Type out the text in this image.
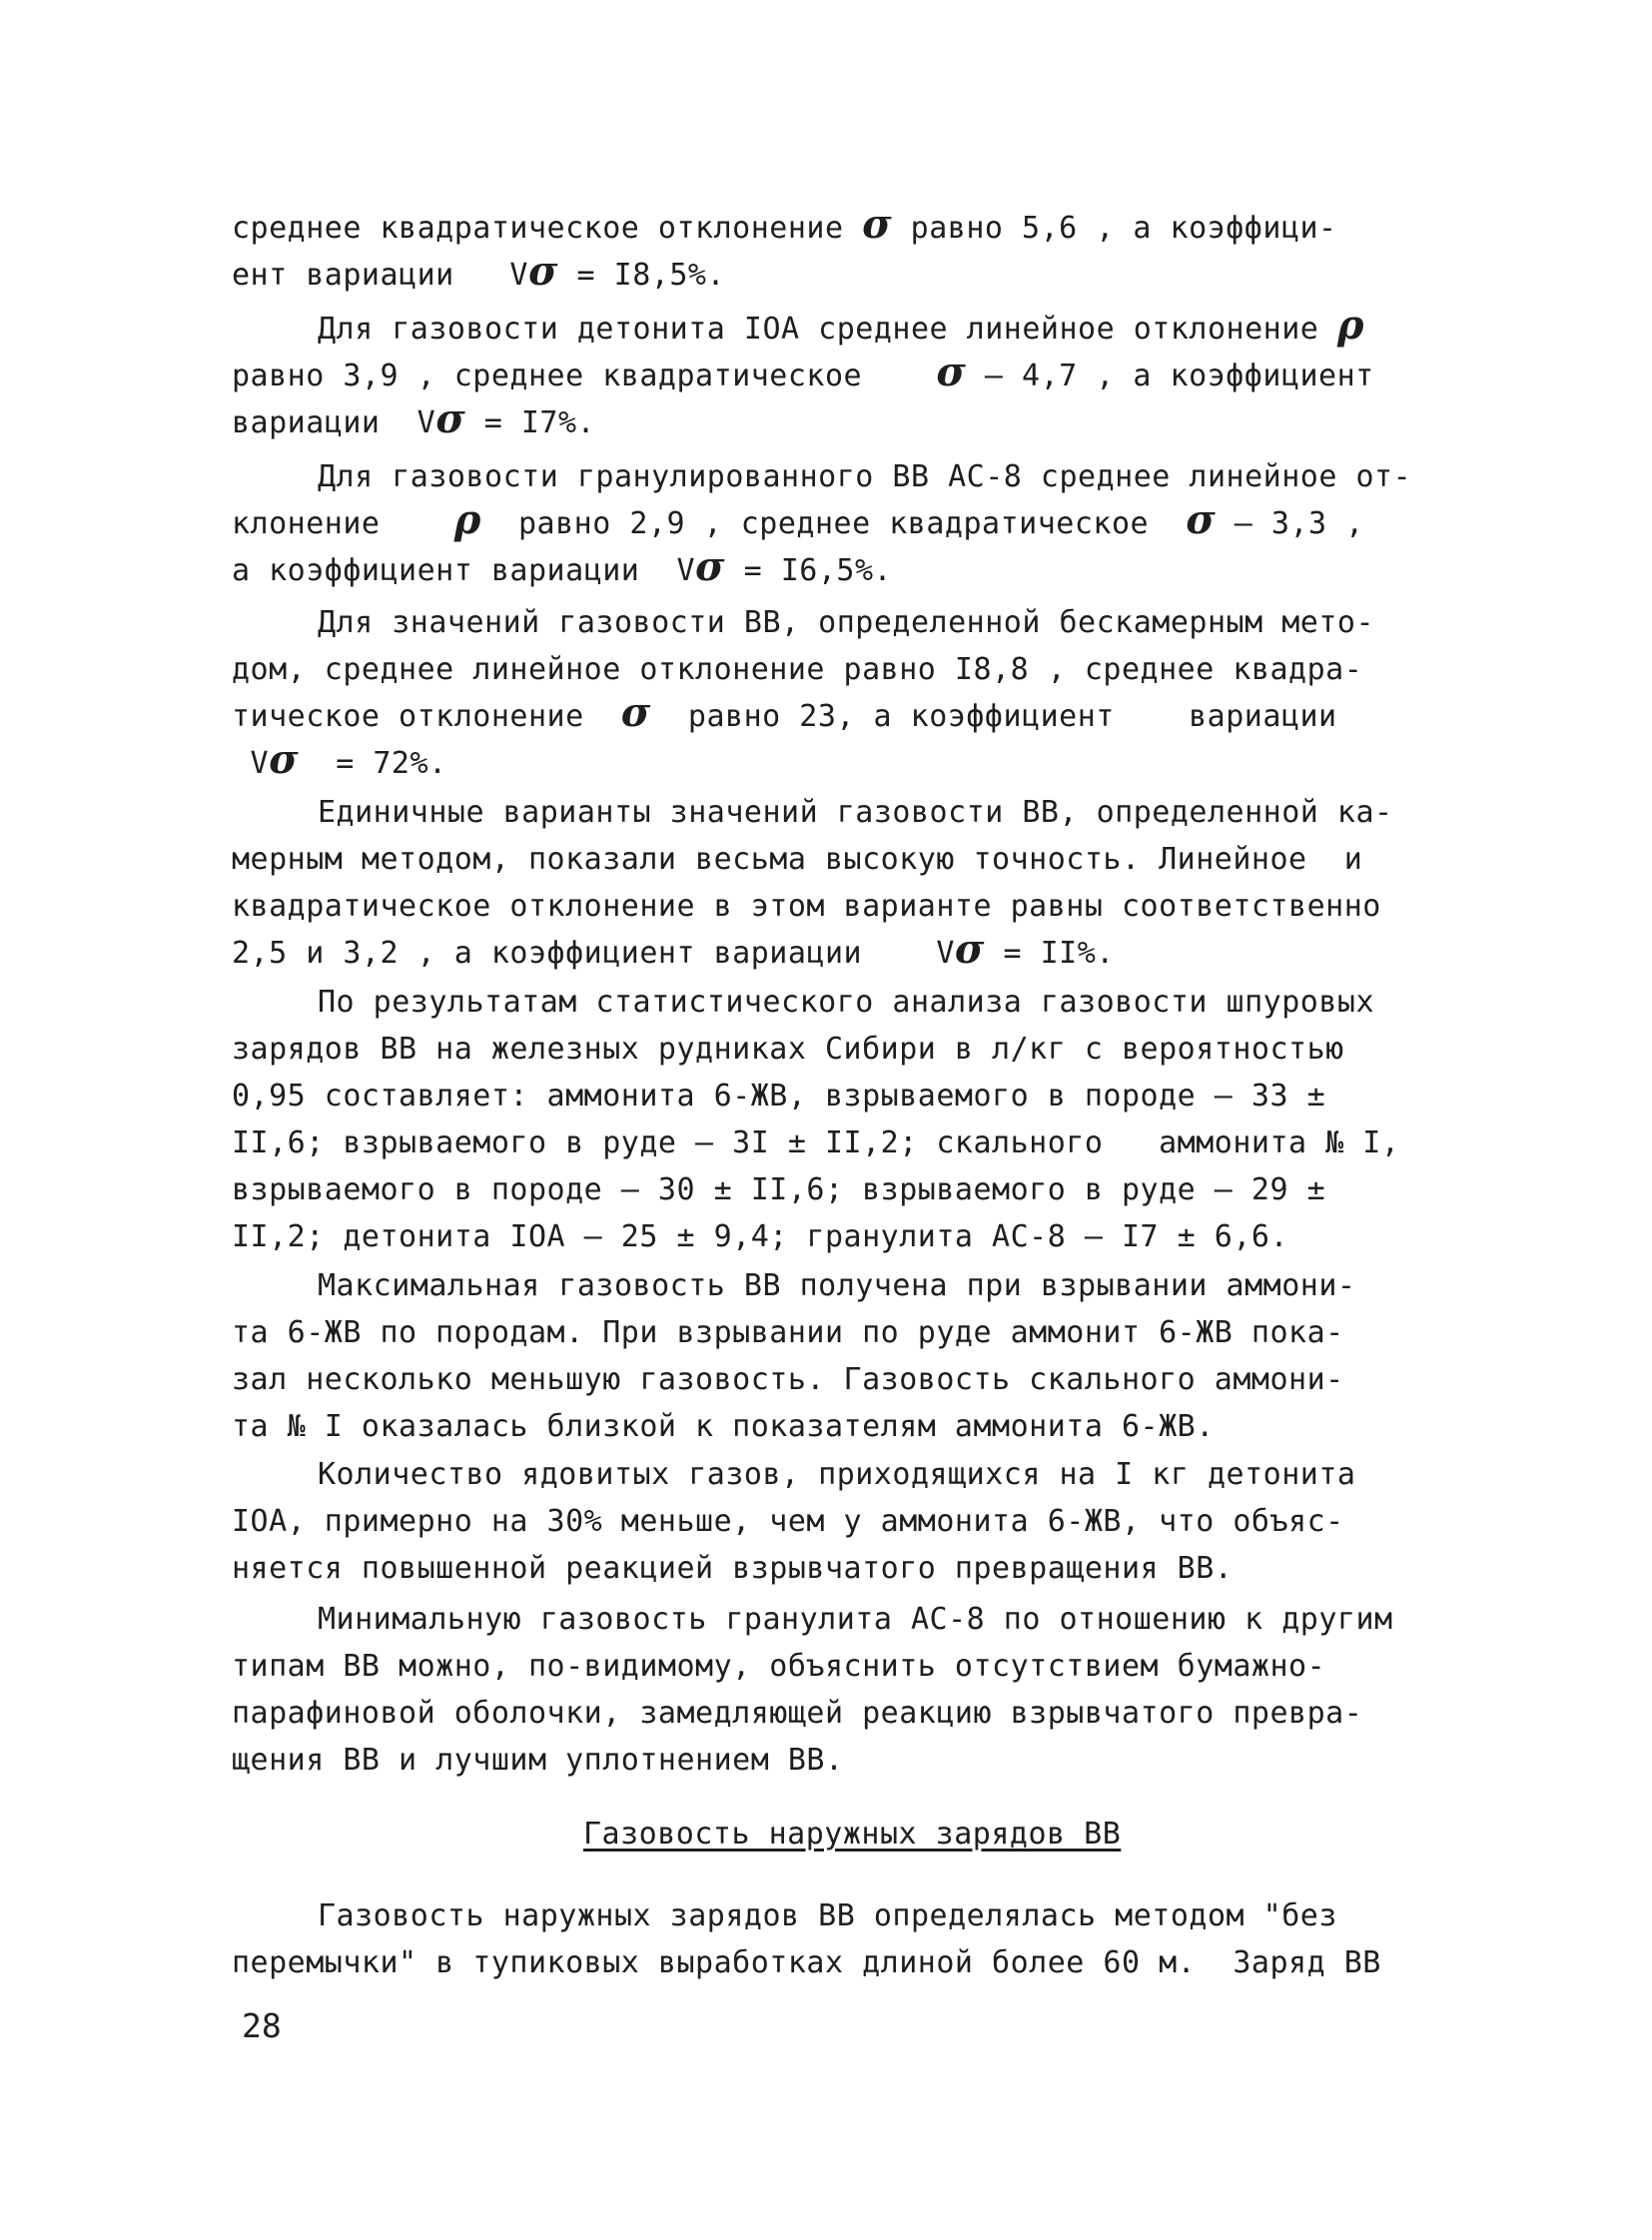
среднее квадратическое отклонение σ равно 5,6 , а коэффици-
ент вариации   Vσ = I8,5%.
Для газовости детонита IOA среднее линейное отклонение ρ
равно 3,9 , среднее квадратическое    σ – 4,7 , а коэффициент
вариации  Vσ = I7%.
Для газовости гранулированного ВВ АС-8 среднее линейное от-
клонение    ρ  равно 2,9 , среднее квадратическое  σ – 3,3 ,
а коэффициент вариации  Vσ = I6,5%.
Для значений газовости ВВ, определенной бескамерным мето-
дом, среднее линейное отклонение равно I8,8 , среднее квадра-
тическое отклонение  σ  равно 23, а коэффициент    вариации
Vσ  = 72%.
Единичные варианты значений газовости ВВ, определенной ка-
мерным методом, показали весьма высокую точность. Линейное  и
квадратическое отклонение в этом варианте равны соответственно
2,5 и 3,2 , а коэффициент вариации    Vσ = II%.
По результатам статистического анализа газовости шпуровых
зарядов ВВ на железных рудниках Сибири в л/кг с вероятностью
0,95 составляет: аммонита 6-ЖВ, взрываемого в породе – 33 ±
II,6; взрываемого в руде – 3I ± II,2; скального   аммонита № I,
взрываемого в породе – 30 ± II,6; взрываемого в руде – 29 ±
II,2; детонита IOA – 25 ± 9,4; гранулита АС-8 – I7 ± 6,6.
Максимальная газовость ВВ получена при взрывании аммони-
та 6-ЖВ по породам. При взрывании по руде аммонит 6-ЖВ пока-
зал несколько меньшую газовость. Газовость скального аммони-
та № I оказалась близкой к показателям аммонита 6-ЖВ.
Количество ядовитых газов, приходящихся на I кг детонита
IOA, примерно на 30% меньше, чем у аммонита 6-ЖВ, что объяс-
няется повышенной реакцией взрывчатого превращения ВВ.
Минимальную газовость гранулита АС-8 по отношению к другим
типам ВВ можно, по-видимому, объяснить отсутствием бумажно-
парафиновой оболочки, замедляющей реакцию взрывчатого превра-
щения ВВ и лучшим уплотнением ВВ.
Газовость наружных зарядов ВВ
Газовость наружных зарядов ВВ определялась методом "без
перемычки" в тупиковых выработках длиной более 60 м.  Заряд ВВ
28
